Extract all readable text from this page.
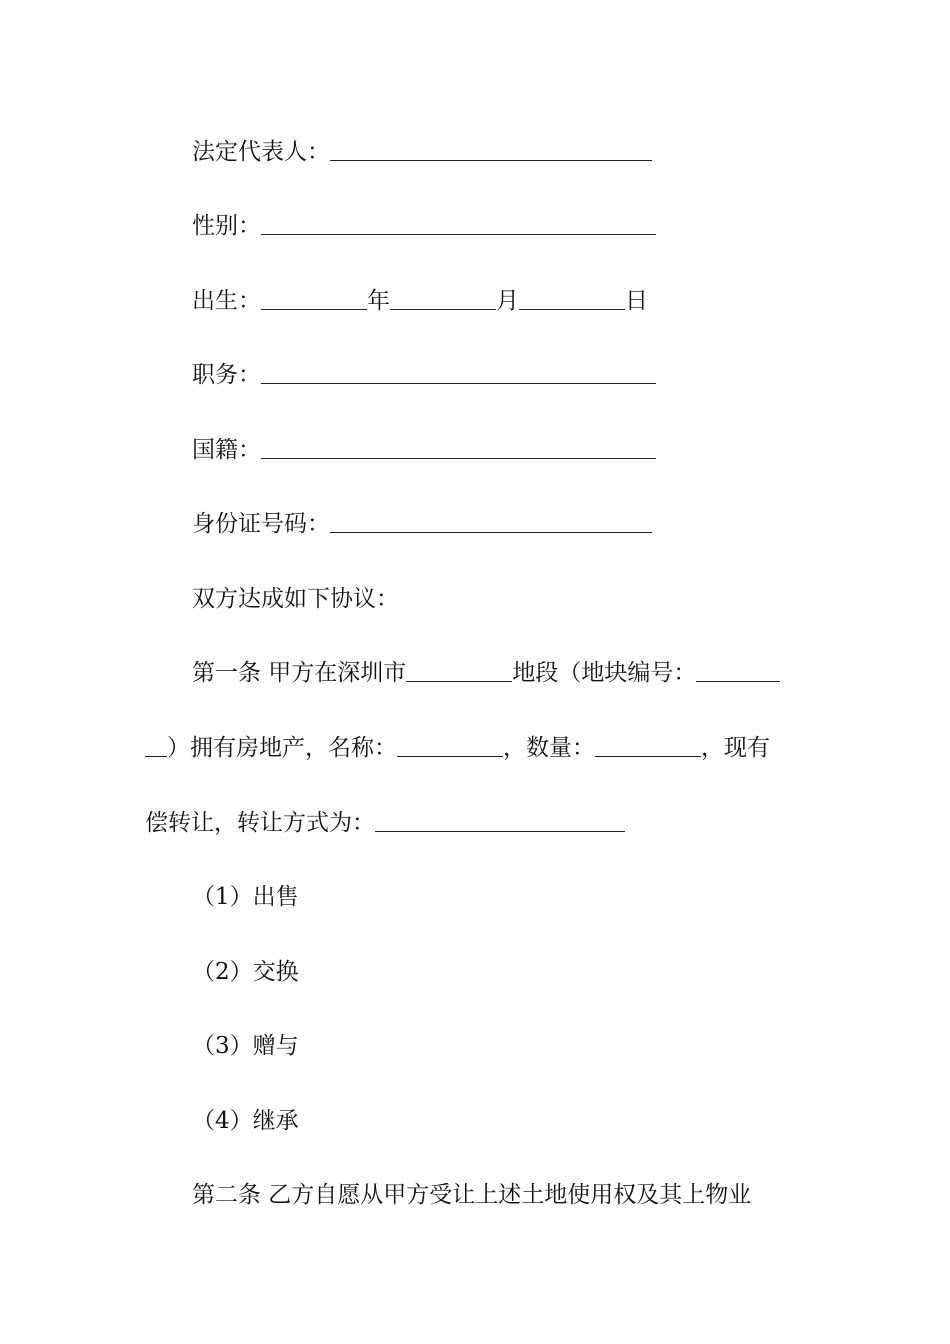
法定代表人：
性别：
出生：	年	月	日
职务：
国籍：
身份证号码：
双方达成如下协议：
第一条 甲方在深圳市	地段（地块编号：
）拥有房地产，名称：	，数量：	，现有
偿转让，转让方式为：
（1）出售
（2）交换
（3）赠与
（4）继承
第二条 乙方自愿从甲方受让上述土地使用权及其上物业
